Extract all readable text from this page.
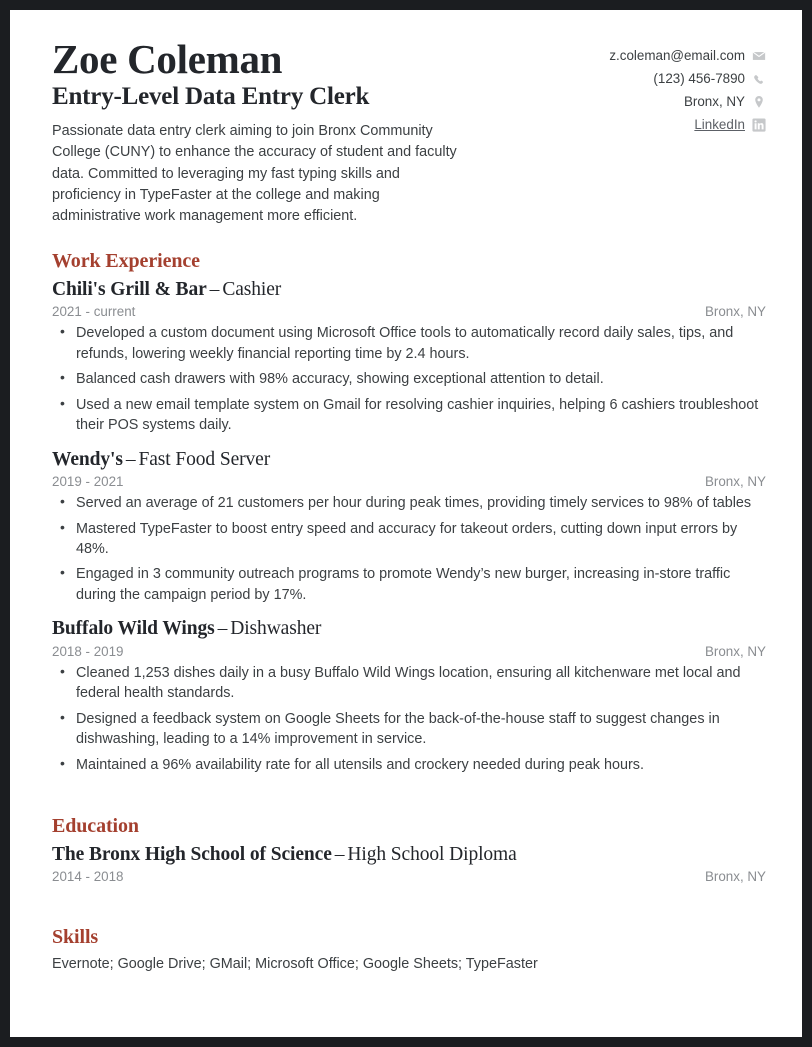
Zoe Coleman
Entry-Level Data Entry Clerk

Passionate data entry clerk aiming to join Bronx Community College (CUNY) to enhance the accuracy of student and faculty data. Committed to leveraging my fast typing skills and proficiency in TypeFaster at the college and making administrative work management more efficient.

z.coleman@email.com
(123) 456-7890
Bronx, NY
LinkedIn
Work Experience
Chili's Grill & Bar – Cashier
2021 - current	Bronx, NY
• Developed a custom document using Microsoft Office tools to automatically record daily sales, tips, and refunds, lowering weekly financial reporting time by 2.4 hours.
• Balanced cash drawers with 98% accuracy, showing exceptional attention to detail.
• Used a new email template system on Gmail for resolving cashier inquiries, helping 6 cashiers troubleshoot their POS systems daily.
Wendy's – Fast Food Server
2019 - 2021	Bronx, NY
• Served an average of 21 customers per hour during peak times, providing timely services to 98% of tables
• Mastered TypeFaster to boost entry speed and accuracy for takeout orders, cutting down input errors by 48%.
• Engaged in 3 community outreach programs to promote Wendy’s new burger, increasing in-store traffic during the campaign period by 17%.
Buffalo Wild Wings – Dishwasher
2018 - 2019	Bronx, NY
• Cleaned 1,253 dishes daily in a busy Buffalo Wild Wings location, ensuring all kitchenware met local and federal health standards.
• Designed a feedback system on Google Sheets for the back-of-the-house staff to suggest changes in dishwashing, leading to a 14% improvement in service.
• Maintained a 96% availability rate for all utensils and crockery needed during peak hours.
Education
The Bronx High School of Science – High School Diploma
2014 - 2018	Bronx, NY
Skills
Evernote; Google Drive; GMail; Microsoft Office; Google Sheets; TypeFaster
